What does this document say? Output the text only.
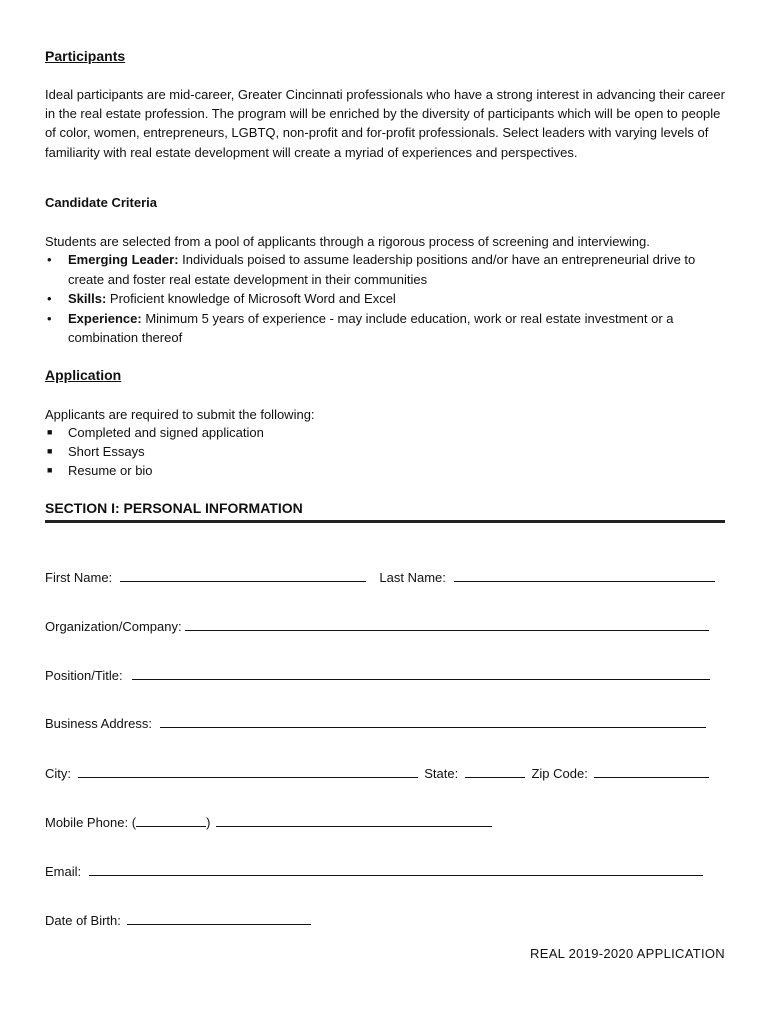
Participants
Ideal participants are mid-career, Greater Cincinnati professionals who have a strong interest in advancing their career in the real estate profession. The program will be enriched by the diversity of participants which will be open to people of color, women, entrepreneurs, LGBTQ, non-profit and for-profit professionals. Select leaders with varying levels of familiarity with real estate development will create a myriad of experiences and perspectives.
Candidate Criteria
Students are selected from a pool of applicants through a rigorous process of screening and interviewing.
• Emerging Leader: Individuals poised to assume leadership positions and/or have an entrepreneurial drive to create and foster real estate development in their communities
• Skills: Proficient knowledge of Microsoft Word and Excel
• Experience: Minimum 5 years of experience - may include education, work or real estate investment or a combination thereof
Application
Applicants are required to submit the following:
■ Completed and signed application
■ Short Essays
■ Resume or bio
SECTION I: PERSONAL INFORMATION
First Name:	Last Name:
Organization/Company:
Position/Title:
Business Address:
City:	State:	Zip Code:
Mobile Phone: (	)
Email:
Date of Birth:
REAL 2019-2020 APPLICATION
